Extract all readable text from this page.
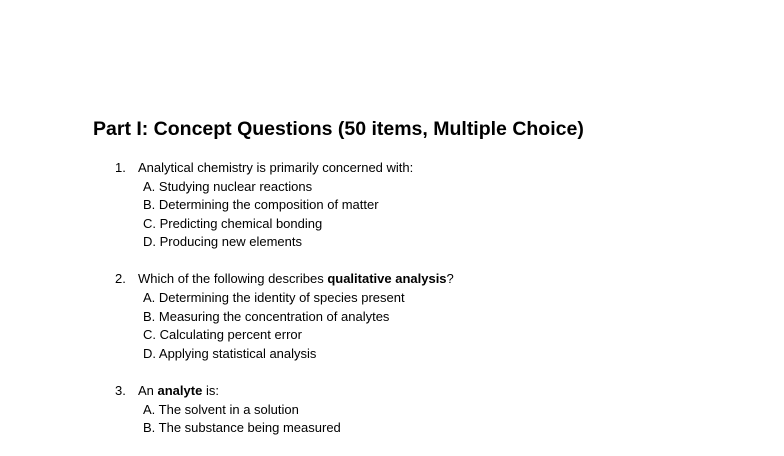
Part I: Concept Questions (50 items, Multiple Choice)
1. Analytical chemistry is primarily concerned with:
A. Studying nuclear reactions
B. Determining the composition of matter
C. Predicting chemical bonding
D. Producing new elements
2. Which of the following describes qualitative analysis?
A. Determining the identity of species present
B. Measuring the concentration of analytes
C. Calculating percent error
D. Applying statistical analysis
3. An analyte is:
A. The solvent in a solution
B. The substance being measured
